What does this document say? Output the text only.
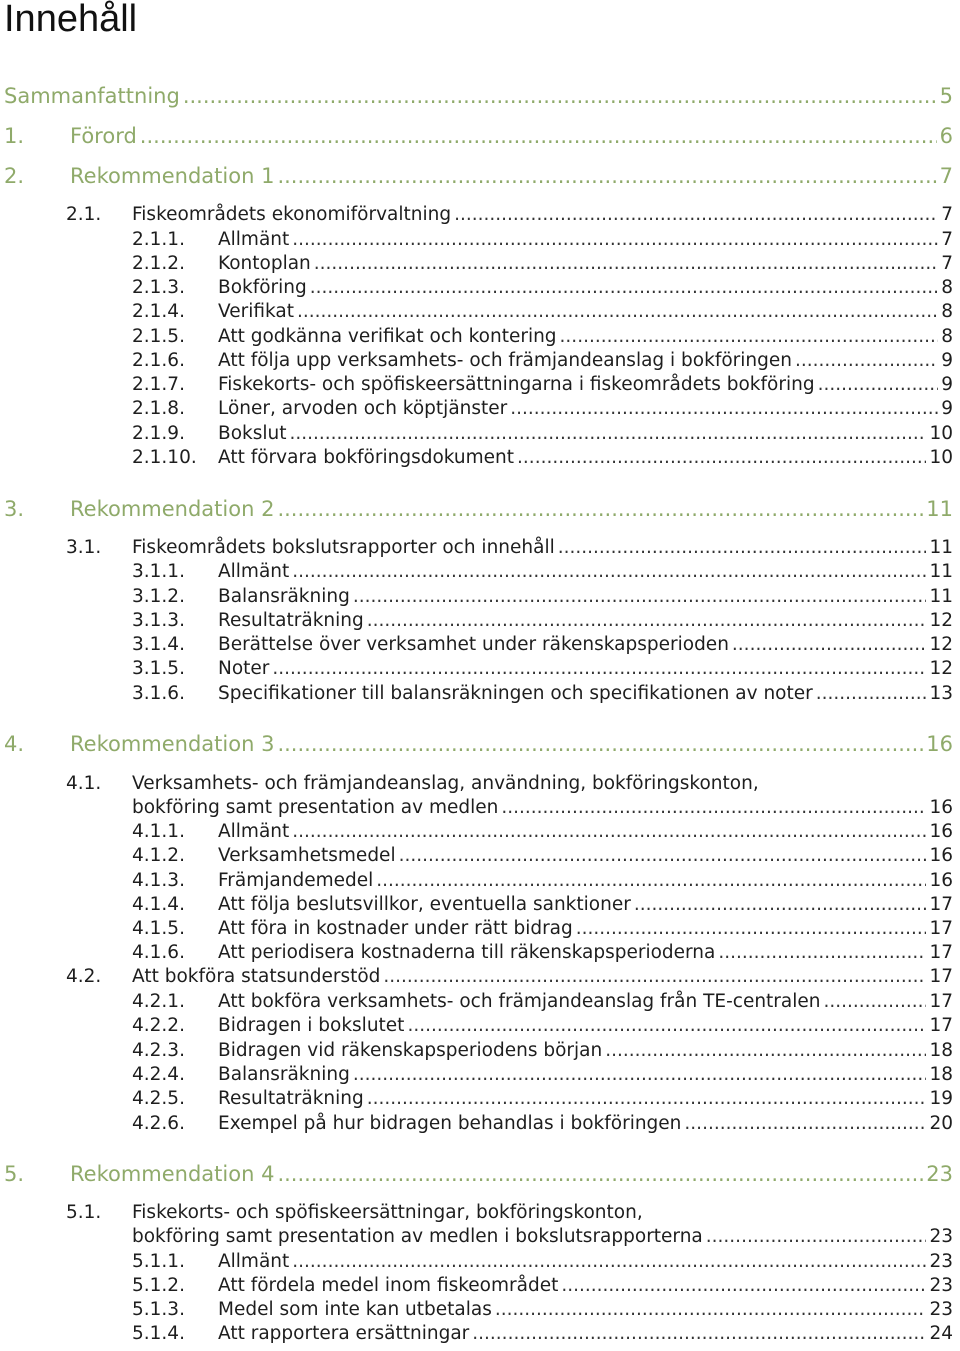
Innehåll
Sammanfattning .....	5
1.	Förord .....	6
2.	Rekommendation 1 .....	7
2.1.	Fiskeområdets ekonomiförvaltning .....	7
2.1.1.	Allmänt .....	7
2.1.2.	Kontoplan .....	7
2.1.3.	Bokföring .....	8
2.1.4.	Verifikat .....	8
2.1.5.	Att godkänna verifikat och kontering .....	8
2.1.6.	Att följa upp verksamhets- och främjandeanslag i bokföringen .....	9
2.1.7.	Fiskekorts- och spöfiskeersättningarna i fiskeområdets bokföring .....	9
2.1.8.	Löner, arvoden och köptjänster .....	9
2.1.9.	Bokslut .....	10
2.1.10.	Att förvara bokföringsdokument .....	10
3.	Rekommendation 2 .....	11
3.1.	Fiskeområdets bokslutsrapporter och innehåll .....	11
3.1.1.	Allmänt .....	11
3.1.2.	Balansräkning .....	11
3.1.3.	Resultaträkning .....	12
3.1.4.	Berättelse över verksamhet under räkenskapsperioden .....	12
3.1.5.	Noter .....	12
3.1.6.	Specifikationer till balansräkningen och specifikationen av noter .....	13
4.	Rekommendation 3 .....	16
4.1.	Verksamhets- och främjandeanslag, användning, bokföringskonton,
bokföring samt presentation av medlen .....	16
4.1.1.	Allmänt .....	16
4.1.2.	Verksamhetsmedel .....	16
4.1.3.	Främjandemedel .....	16
4.1.4.	Att följa beslutsvillkor, eventuella sanktioner .....	17
4.1.5.	Att föra in kostnader under rätt bidrag .....	17
4.1.6.	Att periodisera kostnaderna till räkenskapsperioderna .....	17
4.2.	Att bokföra statsunderstöd .....	17
4.2.1.	Att bokföra verksamhets- och främjandeanslag från TE-centralen .....	17
4.2.2.	Bidragen i bokslutet .....	17
4.2.3.	Bidragen vid räkenskapsperiodens början .....	18
4.2.4.	Balansräkning .....	18
4.2.5.	Resultaträkning .....	19
4.2.6.	Exempel på hur bidragen behandlas i bokföringen .....	20
5.	Rekommendation 4 .....	23
5.1.	Fiskekorts- och spöfiskeersättningar, bokföringskonton,
bokföring samt presentation av medlen i bokslutsrapporterna .....	23
5.1.1.	Allmänt .....	23
5.1.2.	Att fördela medel inom fiskeområdet .....	23
5.1.3.	Medel som inte kan utbetalas .....	23
5.1.4.	Att rapportera ersättningar .....	24
